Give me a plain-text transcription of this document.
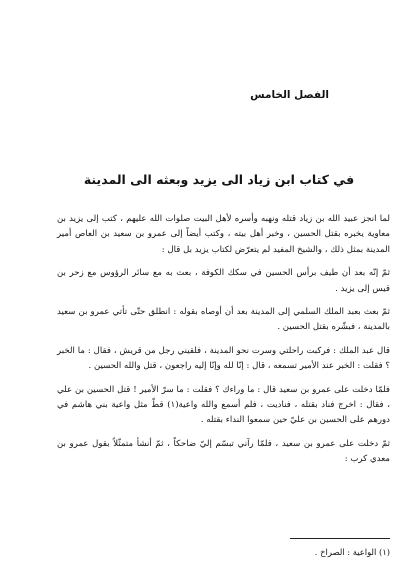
الفصل الخامس
في كتاب ابن زياد الى يزيد وبعثه الى المدينة

لما انجز عبيد الله بن زياد قتله ونهبه وأسره لأهل البيت صلوات الله عليهم ، كتب إلى يزيد بن معاوية يخبره بقتل الحسين ، وخبر أهل بيته ، وكتب أيضاً إلى عمرو بن سعيد بن العاص أمير المدينة بمثل ذلك ، والشيخ المفيد لم يتعرّض لكتاب يزيد بل قال :

ثمّ إنّه بعد أن طيف برأس الحسين في سكك الكوفة ، بعث به مع سائر الرؤوس مع زحر بن قيس إلى يزيد .

ثمّ بعث بعبد الملك السلمي إلى المدينة بعد أن أوصاه بقوله : انطلق حتّى تأتي عمرو بن سعيد بالمدينة ، فبشّره بقتل الحسين .

قال عبد الملك : فركبت راحلتي وسرت نحو المدينة ، فلقيني رجل من قريش ، فقال : ما الخبر ؟ فقلت : الخبر عند الأمير تسمعه ، قال : إنّا لله وإنّا إليه راجعون ، قتل والله الحسين .

فلمّا دخلت على عمرو بن سعيد قال : ما وراءك ؟ فقلت : ما سرّ الأمير ! قتل الحسين بن علي ، فقال : اخرج فناد بقتله ، فناديت ، فلم أسمع والله واعية(١) قطّ مثل واعية بني هاشم في دورهم على الحسين بن عليّ حين سمعوا النداء بقتله .

ثمّ دخلت على عمرو بن سعيد ، فلمّا رآني تبسّم إليّ ضاحكاً ، ثمّ أنشأ متمثّلاً بقول عمرو بن معدي كرب :

(١) الواعية : الصراخ .
